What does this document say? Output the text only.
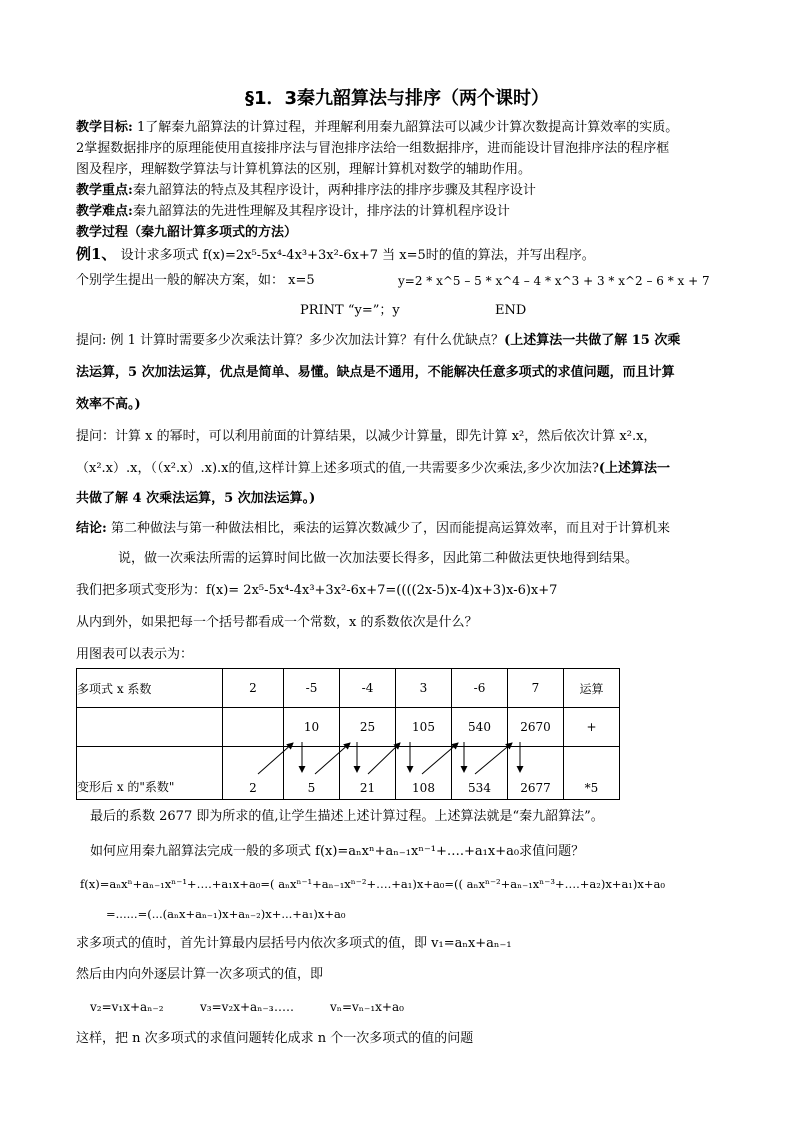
§1．3秦九韶算法与排序（两个课时）
教学目标: 1了解秦九韶算法的计算过程，并理解利用秦九韶算法可以减少计算次数提高计算效率的实质。
2掌握数据排序的原理能使用直接排序法与冒泡排序法给一组数据排序，进而能设计冒泡排序法的程序框
图及程序，理解数学算法与计算机算法的区别，理解计算机对数学的辅助作用。
教学重点:秦九韶算法的特点及其程序设计，两种排序法的排序步骤及其程序设计
教学难点:秦九韶算法的先进性理解及其程序设计，排序法的计算机程序设计
教学过程（秦九韶计算多项式的方法）
例1、 设计求多项式 f(x)=2x⁵-5x⁴-4x³+3x²-6x+7 当 x=5时的值的算法，并写出程序。
个别学生提出一般的解决方案，如： x=5	y=2 * x^5 – 5 * x^4 – 4 * x^3 + 3 * x^2 – 6 * x + 7
PRINT “y=”；y	END
提问: 例 1 计算时需要多少次乘法计算？多少次加法计算？有什么优缺点？(上述算法一共做了解 15 次乘
法运算，5 次加法运算，优点是简单、易懂。缺点是不通用，不能解决任意多项式的求值问题，而且计算
效率不高。)
提问：计算 x 的幂时，可以利用前面的计算结果，以减少计算量，即先计算 x²，然后依次计算 x².x，
（x².x）.x，（（x².x）.x).x的值,这样计算上述多项式的值,一共需要多少次乘法,多少次加法?(上述算法一
共做了解 4 次乘法运算，5 次加法运算。)
结论: 第二种做法与第一种做法相比，乘法的运算次数减少了，因而能提高运算效率，而且对于计算机来
说，做一次乘法所需的运算时间比做一次加法要长得多，因此第二种做法更快地得到结果。
我们把多项式变形为：f(x)= 2x⁵-5x⁴-4x³+3x²-6x+7=((((2x-5)x-4)x+3)x-6)x+7
从内到外，如果把每一个括号都看成一个常数，x 的系数依次是什么？
用图表可以表示为：
多项式 x 系数	2	-5	-4	3	-6	7	运算
		10	25	105	540	2670	+
变形后 x 的"系数"	2	5	21	108	534	2677	*5
最后的系数 2677 即为所求的值,让学生描述上述计算过程。上述算法就是“秦九韶算法”。
如何应用秦九韶算法完成一般的多项式 f(x)=aₙxⁿ+aₙ₋₁xⁿ⁻¹+….+a₁x+a₀求值问题？
f(x)=aₙxⁿ+aₙ₋₁xⁿ⁻¹+….+a₁x+a₀=( aₙxⁿ⁻¹+aₙ₋₁xⁿ⁻²+….+a₁)x+a₀=(( aₙxⁿ⁻²+aₙ₋₁xⁿ⁻³+….+a₂)x+a₁)x+a₀
=......=(...(aₙx+aₙ₋₁)x+aₙ₋₂)x+...+a₁)x+a₀
求多项式的值时，首先计算最内层括号内依次多项式的值，即 v₁=aₙx+aₙ₋₁
然后由内向外逐层计算一次多项式的值，即
v₂=v₁x+aₙ₋₂	v₃=v₂x+aₙ₋₃
……	vₙ=vₙ₋₁x+a₀
这样，把 n 次多项式的求值问题转化成求 n 个一次多项式的值的问题
